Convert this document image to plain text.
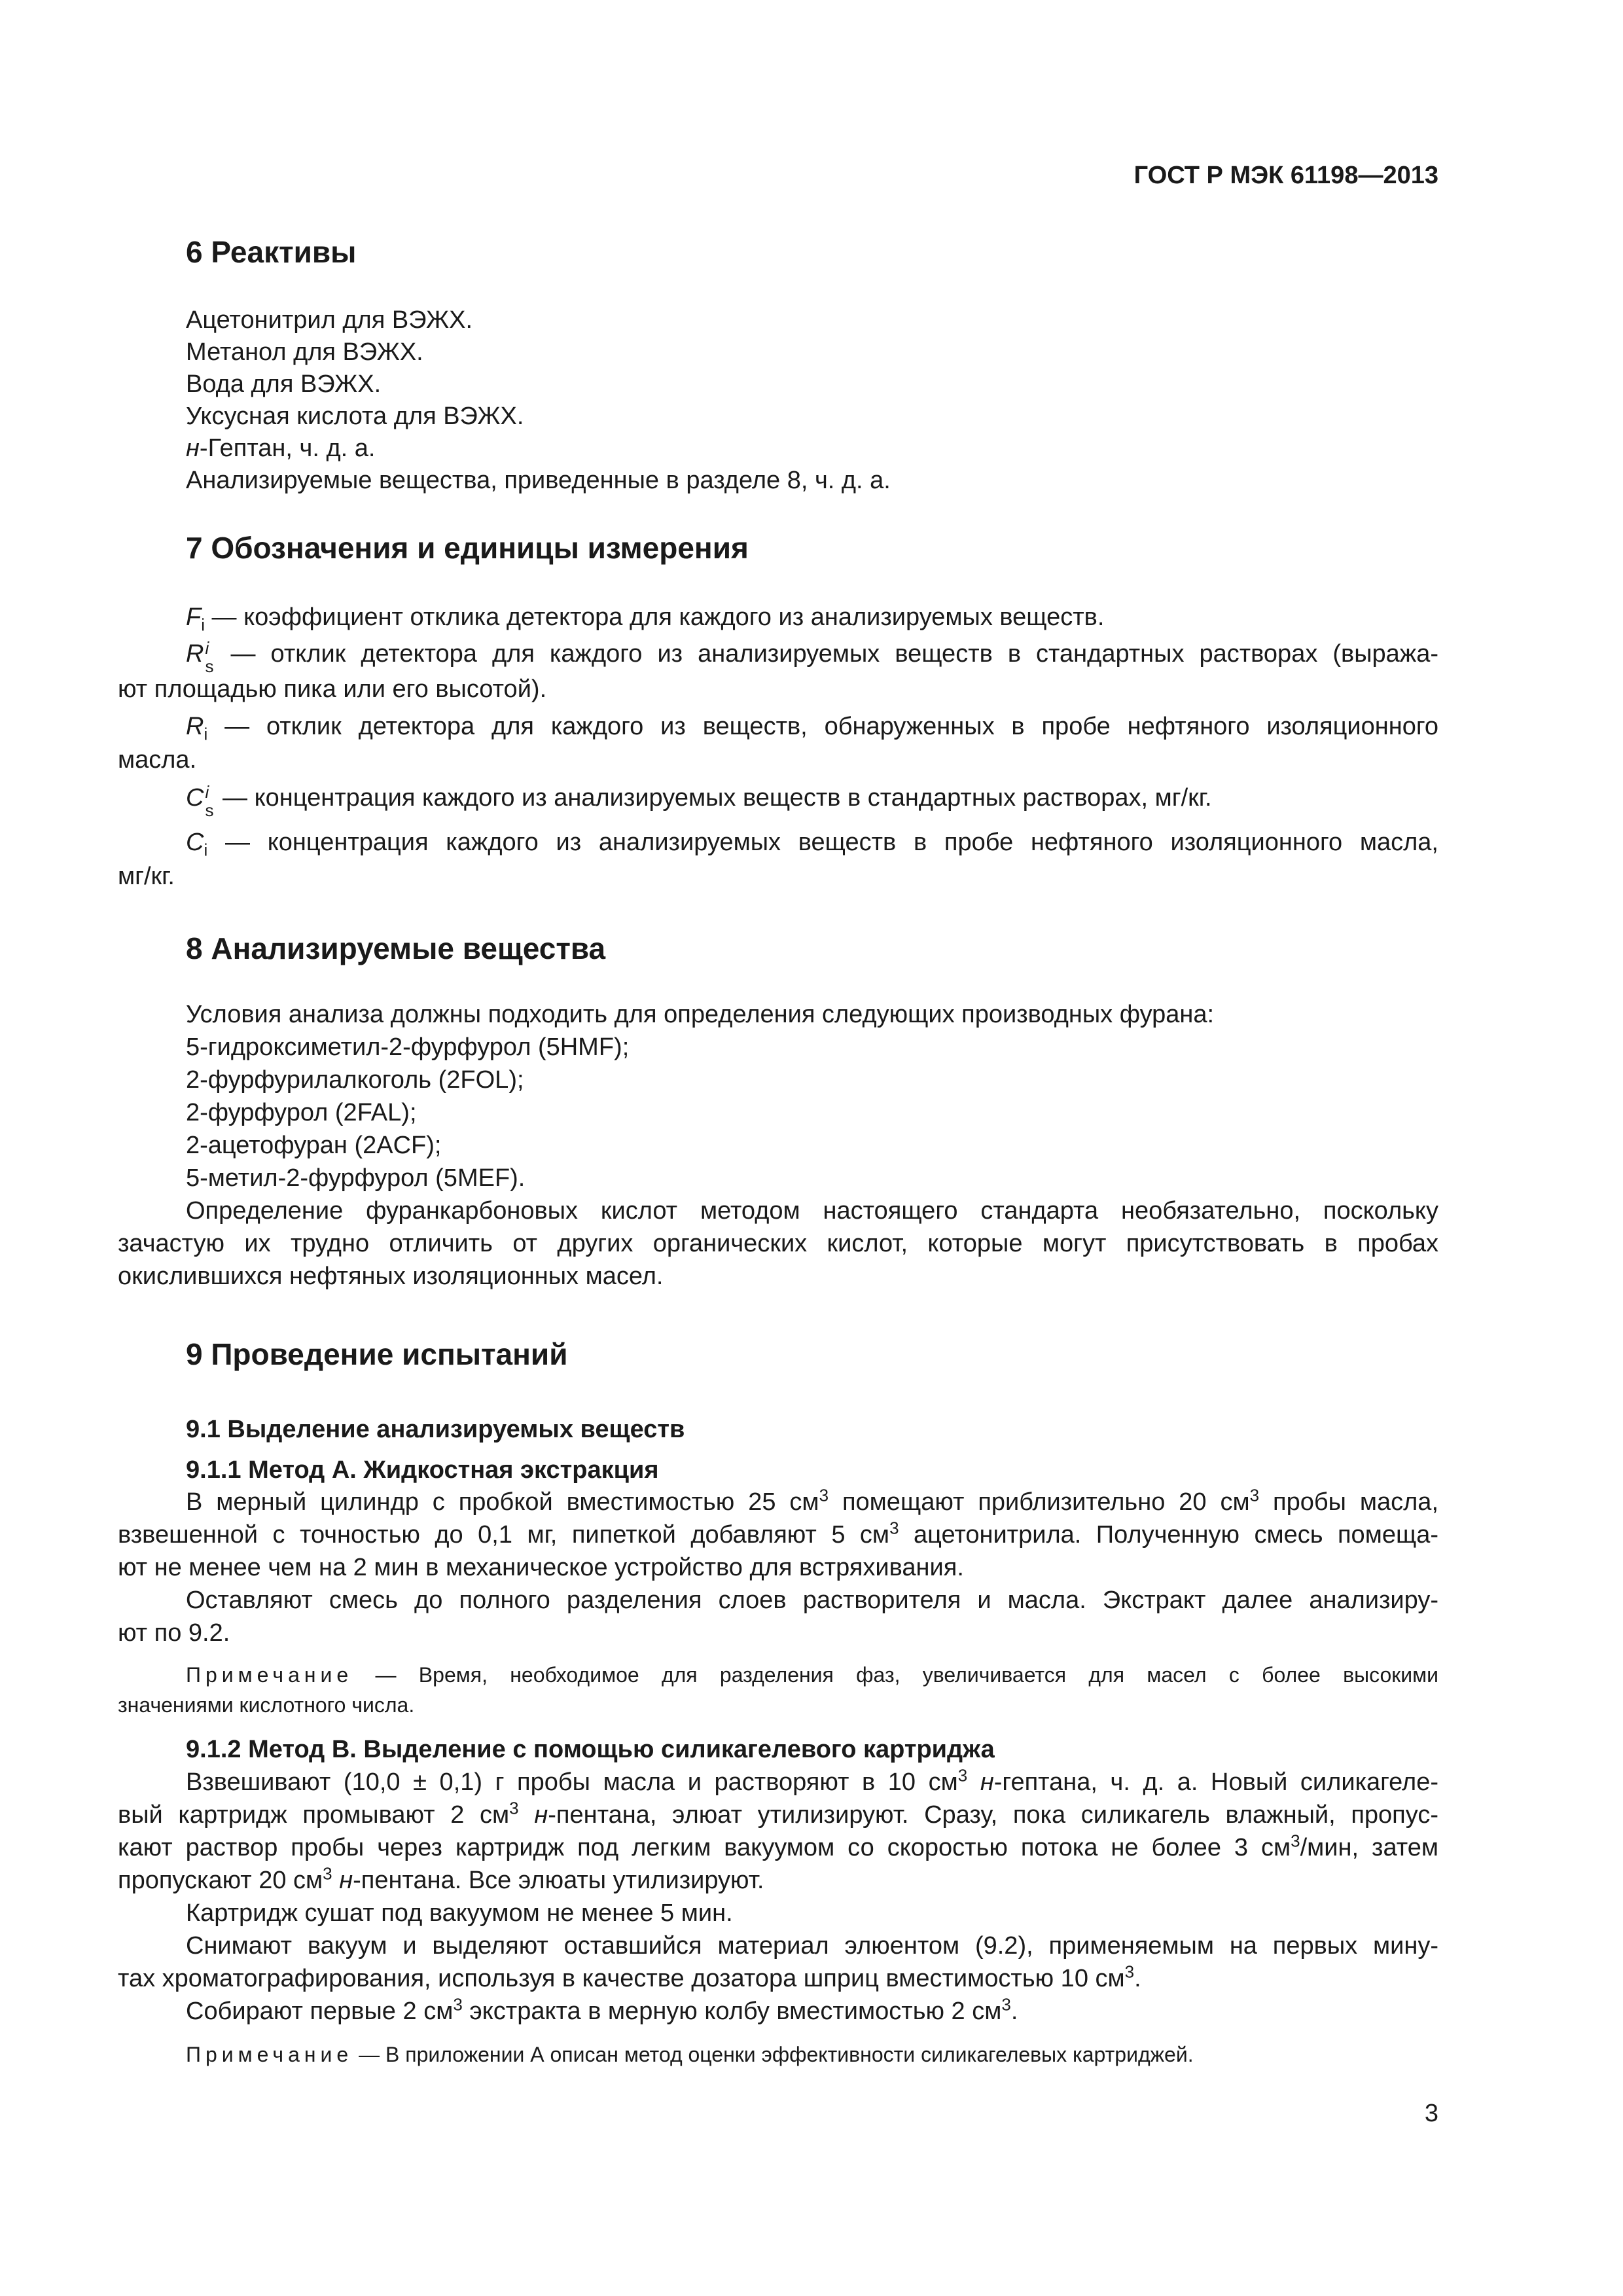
ГОСТ Р МЭК 61198—2013
6 Реактивы
Ацетонитрил для ВЭЖХ.
Метанол для ВЭЖХ.
Вода для ВЭЖХ.
Уксусная кислота для ВЭЖХ.
н-Гептан, ч. д. а.
Анализируемые вещества, приведенные в разделе 8, ч. д. а.
7 Обозначения и единицы измерения
$F_i$ — коэффициент отклика детектора для каждого из анализируемых веществ.
R i
s — отклик детектора для каждого из анализируемых веществ в стандартных растворах (выража-
ют площадью пика или его высотой).
$R_i$ — отклик детектора для каждого из веществ, обнаруженных в пробе нефтяного изоляционного
масла.
C i
s — концентрация каждого из анализируемых веществ в стандартных растворах, мг/кг.
$C_i$ — концентрация каждого из анализируемых веществ в пробе нефтяного изоляционного масла,
мг/кг.
8 Анализируемые вещества
Условия анализа должны подходить для определения следующих производных фурана:
5-гидроксиметил-2-фурфурол (5HMF);
2-фурфурилалкоголь (2FOL);
2-фурфурол (2FAL);
2-ацетофуран (2ACF);
5-метил-2-фурфурол (5MEF).
Определение фуранкарбоновых кислот методом настоящего стандарта необязательно, поскольку
зачастую их трудно отличить от других органических кислот, которые могут присутствовать в пробах
окислившихся нефтяных изоляционных масел.
9 Проведение испытаний
9.1 Выделение анализируемых веществ
9.1.1 Метод А. Жидкостная экстракция
В мерный цилиндр с пробкой вместимостью 25 $см^3$ помещают приблизительно 20 $см^3$ пробы масла,
взвешенной с точностью до 0,1 мг, пипеткой добавляют 5 $см^3$ ацетонитрила. Полученную смесь помеща-
ют не менее чем на 2 мин в механическое устройство для встряхивания.
Оставляют смесь до полного разделения слоев растворителя и масла. Экстракт далее анализиру-
ют по 9.2.
Примечание — Время, необходимое для разделения фаз, увеличивается для масел с более высокими
значениями кислотного числа.
9.1.2 Метод В. Выделение с помощью силикагелевого картриджа
Взвешивают (10,0 ± 0,1) г пробы масла и растворяют в 10 $см^3$ н-гептана, ч. д. а. Новый силикагеле-
вый картридж промывают 2 $см^3$ н-пентана, элюат утилизируют. Сразу, пока силикагель влажный, пропус-
кают раствор пробы через картридж под легким вакуумом со скоростью потока не более 3 $см^3$/мин, затем
пропускают 20 $см^3$ н-пентана. Все элюаты утилизируют.
Картридж сушат под вакуумом не менее 5 мин.
Снимают вакуум и выделяют оставшийся материал элюентом (9.2), применяемым на первых мину-
тах хроматографирования, используя в качестве дозатора шприц вместимостью 10 $см^3$.
Собирают первые 2 $см^3$ экстракта в мерную колбу вместимостью 2 $см^3$.
Примечание — В приложении А описан метод оценки эффективности силикагелевых картриджей.
3
